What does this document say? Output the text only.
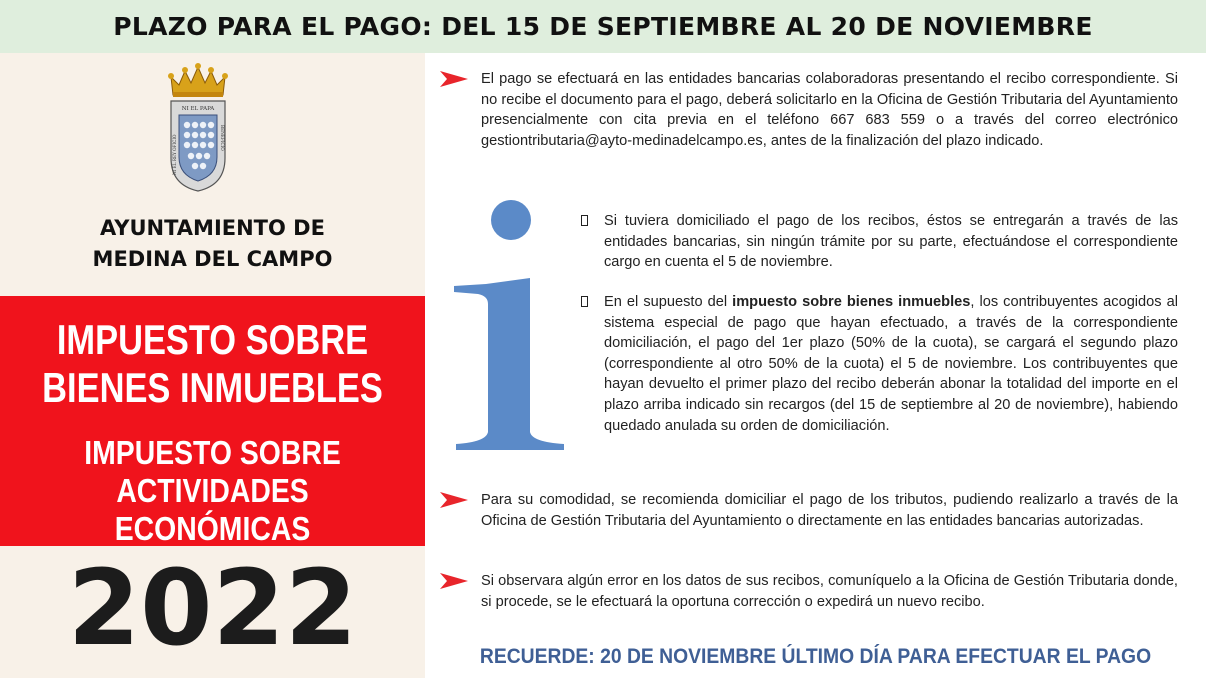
PLAZO PARA EL PAGO: DEL 15 DE SEPTIEMBRE AL 20 DE NOVIEMBRE
NI EL PAPA
NI EL REY OFICIO	BENEFICIO
AYUNTAMIENTO DE
MEDINA DEL CAMPO
IMPUESTO SOBRE
BIENES INMUEBLES
IMPUESTO SOBRE
ACTIVIDADES ECONÓMICAS
2022

El pago se efectuará en las entidades bancarias colaboradoras presentando el recibo correspondiente. Si no recibe el documento para el pago, deberá solicitarlo en la Oficina de Gestión Tributaria del Ayuntamiento presencialmente con cita previa en el teléfono 667 683 559 o a través del correo electrónico gestiontributaria@ayto-medinadelcampo.es, antes de la finalización del plazo indicado.

Si tuviera domiciliado el pago de los recibos, éstos se entregarán a través de las entidades bancarias, sin ningún trámite por su parte, efectuándose el correspondiente cargo en cuenta el 5 de noviembre.

En el supuesto del impuesto sobre bienes inmuebles, los contribuyentes acogidos al sistema especial de pago que hayan efectuado, a través de la correspondiente domiciliación, el pago del 1er plazo (50% de la cuota), se cargará el segundo plazo (correspondiente al otro 50% de la cuota) el 5 de noviembre. Los contribuyentes que hayan devuelto el primer plazo del recibo deberán abonar la totalidad del importe en el plazo arriba indicado sin recargos (del 15 de septiembre al 20 de noviembre), habiendo quedado anulada su orden de domiciliación.

Para su comodidad, se recomienda domiciliar el pago de los tributos, pudiendo realizarlo a través de la Oficina de Gestión Tributaria del Ayuntamiento o directamente en las entidades bancarias autorizadas.

Si observara algún error en los datos de sus recibos, comuníquelo a la Oficina de Gestión Tributaria donde, si procede, se le efectuará la oportuna corrección o expedirá un nuevo recibo.

RECUERDE: 20 DE NOVIEMBRE ÚLTIMO DÍA PARA EFECTUAR EL PAGO
